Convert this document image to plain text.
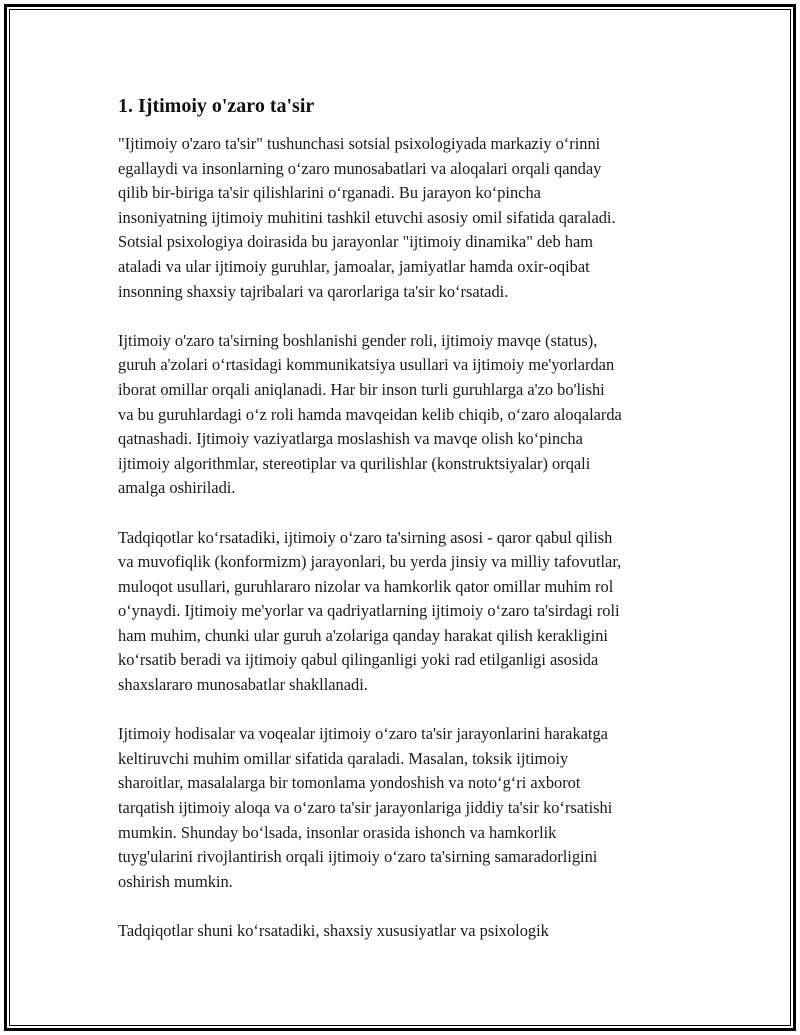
1. Ijtimoiy o'zaro ta'sir

"Ijtimoiy o'zaro ta'sir" tushunchasi sotsial psixologiyada markaziy o‘rinni
egallaydi va insonlarning o‘zaro munosabatlari va aloqalari orqali qanday
qilib bir-biriga ta'sir qilishlarini o‘rganadi. Bu jarayon ko‘pincha
insoniyatning ijtimoiy muhitini tashkil etuvchi asosiy omil sifatida qaraladi.
Sotsial psixologiya doirasida bu jarayonlar "ijtimoiy dinamika" deb ham
ataladi va ular ijtimoiy guruhlar, jamoalar, jamiyatlar hamda oxir-oqibat
insonning shaxsiy tajribalari va qarorlariga ta'sir ko‘rsatadi.

Ijtimoiy o'zaro ta'sirning boshlanishi gender roli, ijtimoiy mavqe (status),
guruh a'zolari o‘rtasidagi kommunikatsiya usullari va ijtimoiy me'yorlardan
iborat omillar orqali aniqlanadi. Har bir inson turli guruhlarga a'zo bo'lishi
va bu guruhlardagi o‘z roli hamda mavqeidan kelib chiqib, o‘zaro aloqalarda
qatnashadi. Ijtimoiy vaziyatlarga moslashish va mavqe olish ko‘pincha
ijtimoiy algorithmlar, stereotiplar va qurilishlar (konstruktsiyalar) orqali
amalga oshiriladi.

Tadqiqotlar ko‘rsatadiki, ijtimoiy o‘zaro ta'sirning asosi - qaror qabul qilish
va muvofiqlik (konformizm) jarayonlari, bu yerda jinsiy va milliy tafovutlar,
muloqot usullari, guruhlararo nizolar va hamkorlik qator omillar muhim rol
o‘ynaydi. Ijtimoiy me'yorlar va qadriyatlarning ijtimoiy o‘zaro ta'sirdagi roli
ham muhim, chunki ular guruh a'zolariga qanday harakat qilish kerakligini
ko‘rsatib beradi va ijtimoiy qabul qilinganligi yoki rad etilganligi asosida
shaxslararo munosabatlar shakllanadi.

Ijtimoiy hodisalar va voqealar ijtimoiy o‘zaro ta'sir jarayonlarini harakatga
keltiruvchi muhim omillar sifatida qaraladi. Masalan, toksik ijtimoiy
sharoitlar, masalalarga bir tomonlama yondoshish va noto‘g‘ri axborot
tarqatish ijtimoiy aloqa va o‘zaro ta'sir jarayonlariga jiddiy ta'sir ko‘rsatishi
mumkin. Shunday bo‘lsada, insonlar orasida ishonch va hamkorlik
tuyg'ularini rivojlantirish orqali ijtimoiy o‘zaro ta'sirning samaradorligini
oshirish mumkin.

Tadqiqotlar shuni ko‘rsatadiki, shaxsiy xususiyatlar va psixologik
